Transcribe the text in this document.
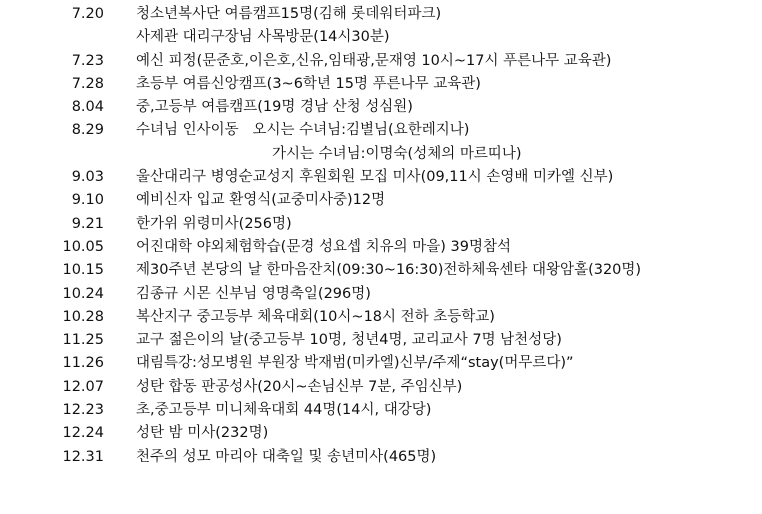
7.20 청소년복사단 여름캠프15명(김해 롯데워터파크)
사제관 대리구장님 사목방문(14시30분)
7.23 예신 피정(문준호,이은호,신유,임태광,문재영 10시~17시 푸른나무 교육관)
7.28 초등부 여름신앙캠프(3~6학년 15명 푸른나무 교육관)
8.04 중,고등부 여름캠프(19명 경남 산청 성심원)
8.29 수녀님 인사이동   오시는 수녀님:김별님(요한레지나)
가시는 수녀님:이명숙(성체의 마르띠나)
9.03 울산대리구 병영순교성지 후원회원 모집 미사(09,11시 손영배 미카엘 신부)
9.10 예비신자 입교 환영식(교중미사중)12명
9.21 한가위 위령미사(256명)
10.05 어진대학 야외체험학습(문경 성요셉 치유의 마을) 39명참석
10.15 제30주년 본당의 날 한마음잔치(09:30~16:30)전하체육센타 대왕암홀(320명)
10.24 김종규 시몬 신부님 영명축일(296명)
10.28 복산지구 중고등부 체육대회(10시~18시 전하 초등학교)
11.25 교구 젊은이의 날(중고등부 10명, 청년4명, 교리교사 7명 남천성당)
11.26 대림특강:성모병원 부원장 박재범(미카엘)신부/주제“stay(머무르다)”
12.07 성탄 합동 판공성사(20시~손님신부 7분, 주임신부)
12.23 초,중고등부 미니체육대회 44명(14시, 대강당)
12.24 성탄 밤 미사(232명)
12.31 천주의 성모 마리아 대축일 및 송년미사(465명)
